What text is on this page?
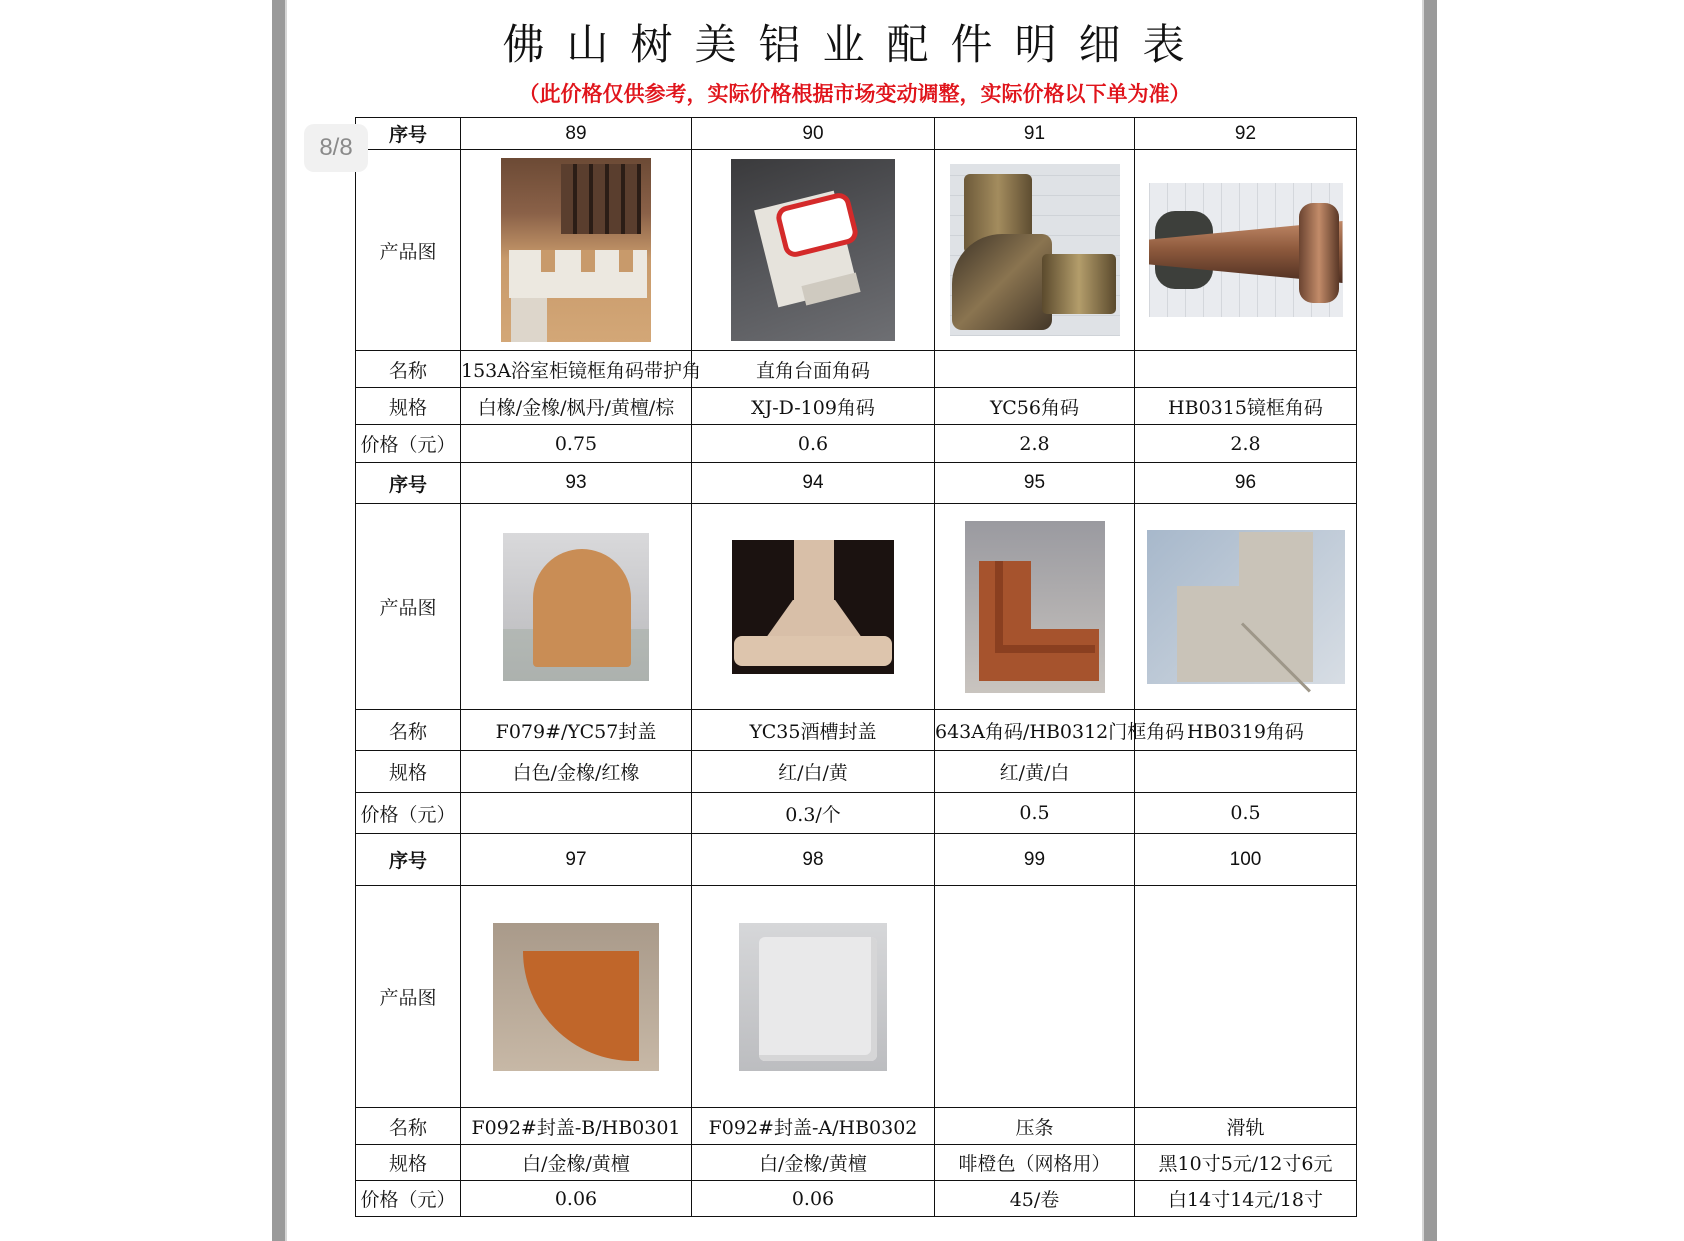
佛山树美铝业配件明细表
（此价格仅供参考，实际价格根据市场变动调整，实际价格以下单为准）
序号	89	90	91	92
产品图	

名称	153A浴室柜镜框角码带护角	直角台面角码		
规格	白橡/金橡/枫丹/黄檀/棕	XJ-D-109角码	YC56角码	HB0315镜框角码
价格（元）	0.75	0.6	2.8	2.8
序号	93	94	95	96
产品图	

名称	F079#/YC57封盖	YC35酒槽封盖	643A角码/HB0312门框角码	HB0319角码
规格	白色/金橡/红橡	红/白/黄	红/黄/白	
价格（元）		0.3/个	0.5	0.5
序号	97	98	99	100
产品图	

名称	F092#封盖-B/HB0301	F092#封盖-A/HB0302	压条	滑轨
规格	白/金橡/黄檀	白/金橡/黄檀	啡橙色（网格用）	黑10寸5元/12寸6元
价格（元）	0.06	0.06	45/卷	白14寸14元/18寸
8/8
